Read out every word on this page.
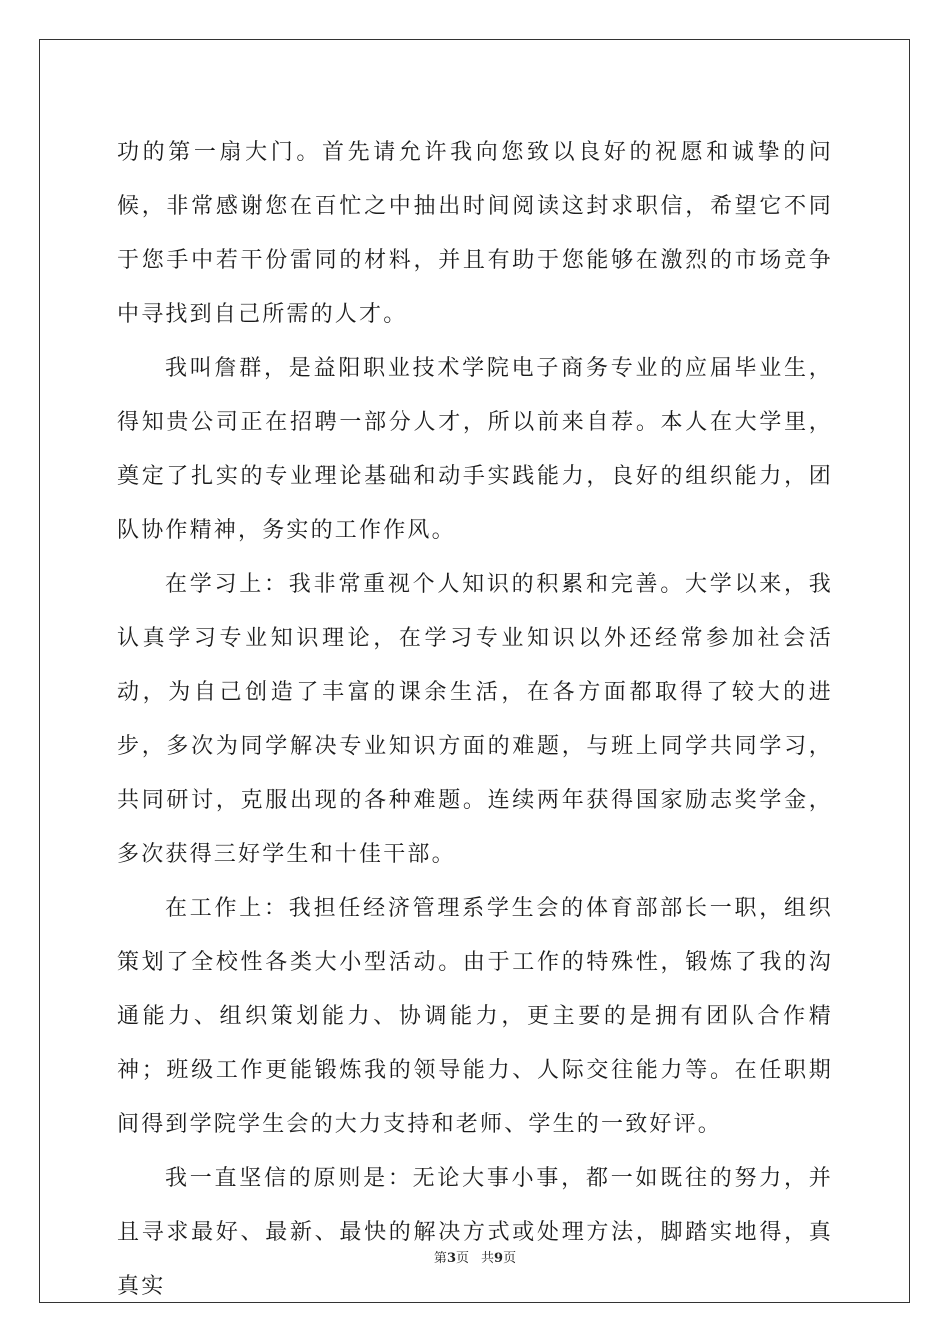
功的第一扇大门。首先请允许我向您致以良好的祝愿和诚挚的问候，非常感谢您在百忙之中抽出时间阅读这封求职信，希望它不同于您手中若干份雷同的材料，并且有助于您能够在激烈的市场竞争中寻找到自己所需的人才。

我叫詹群，是益阳职业技术学院电子商务专业的应届毕业生，得知贵公司正在招聘一部分人才，所以前来自荐。本人在大学里，奠定了扎实的专业理论基础和动手实践能力，良好的组织能力，团队协作精神，务实的工作作风。

在学习上：我非常重视个人知识的积累和完善。大学以来，我认真学习专业知识理论，在学习专业知识以外还经常参加社会活动，为自己创造了丰富的课余生活，在各方面都取得了较大的进步，多次为同学解决专业知识方面的难题，与班上同学共同学习，共同研讨，克服出现的各种难题。连续两年获得国家励志奖学金，多次获得三好学生和十佳干部。

在工作上：我担任经济管理系学生会的体育部部长一职，组织策划了全校性各类大小型活动。由于工作的特殊性，锻炼了我的沟通能力、组织策划能力、协调能力，更主要的是拥有团队合作精神；班级工作更能锻炼我的领导能力、人际交往能力等。在任职期间得到学院学生会的大力支持和老师、学生的一致好评。

我一直坚信的原则是：无论大事小事，都一如既往的努力，并且寻求最好、最新、最快的解决方式或处理方法，脚踏实地得，真真实

第3页 共9页
